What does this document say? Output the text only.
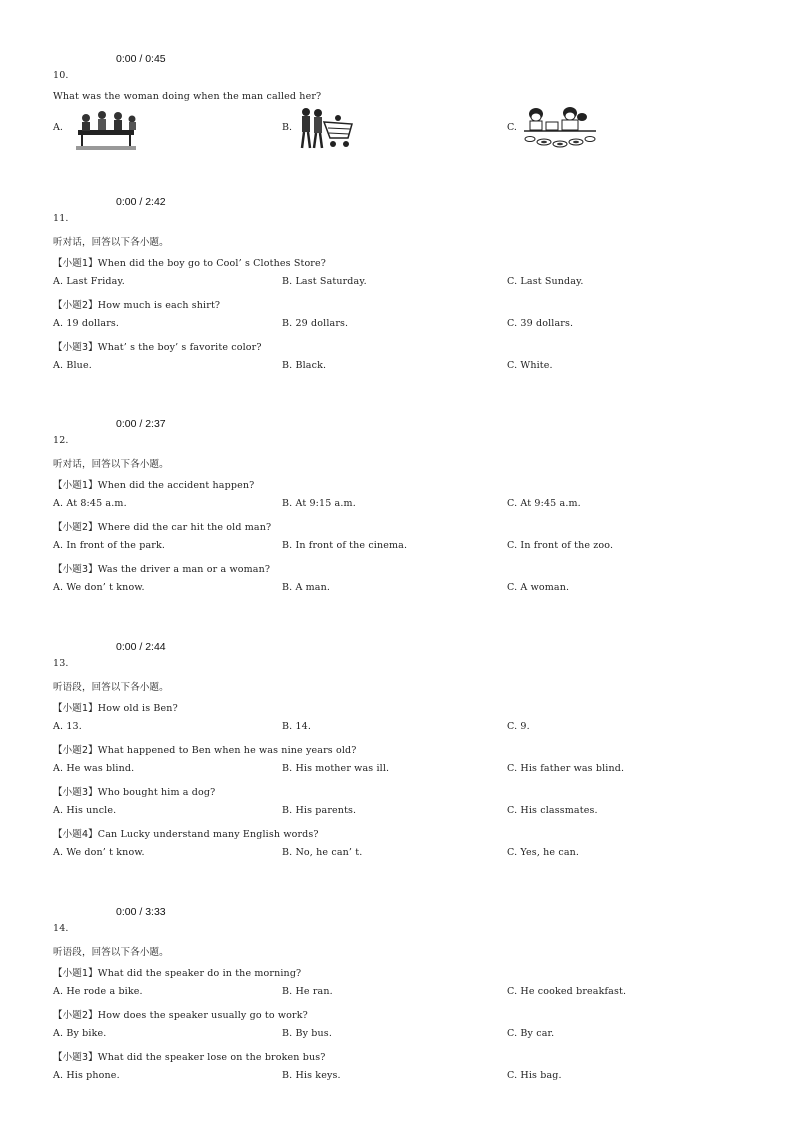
0:00 / 0:45
10.
What was the woman doing when the man called her?
A.	B.	C.
0:00 / 2:42
11.
听对话，回答以下各小题。
【小题1】When did the boy go to Cool’ s Clothes Store?
A. Last Friday.	B. Last Saturday.	C. Last Sunday.
【小题2】How much is each shirt?
A. 19 dollars.	B. 29 dollars.	C. 39 dollars.
【小题3】What’ s the boy’ s favorite color?
A. Blue.	B. Black.	C. White.
0:00 / 2:37
12.
听对话，回答以下各小题。
【小题1】When did the accident happen?
A. At 8:45 a.m.	B. At 9:15 a.m.	C. At 9:45 a.m.
【小题2】Where did the car hit the old man?
A. In front of the park.	B. In front of the cinema.	C. In front of the zoo.
【小题3】Was the driver a man or a woman?
A. We don’ t know.	B. A man.	C. A woman.
0:00 / 2:44
13.
听语段，回答以下各小题。
【小题1】How old is Ben?
A. 13.	B. 14.	C. 9.
【小题2】What happened to Ben when he was nine years old?
A. He was blind.	B. His mother was ill.	C. His father was blind.
【小题3】Who bought him a dog?
A. His uncle.	B. His parents.	C. His classmates.
【小题4】Can Lucky understand many English words?
A. We don’ t know.	B. No, he can’ t.	C. Yes, he can.
0:00 / 3:33
14.
听语段，回答以下各小题。
【小题1】What did the speaker do in the morning?
A. He rode a bike.	B. He ran.	C. He cooked breakfast.
【小题2】How does the speaker usually go to work?
A. By bike.	B. By bus.	C. By car.
【小题3】What did the speaker lose on the broken bus?
A. His phone.	B. His keys.	C. His bag.
